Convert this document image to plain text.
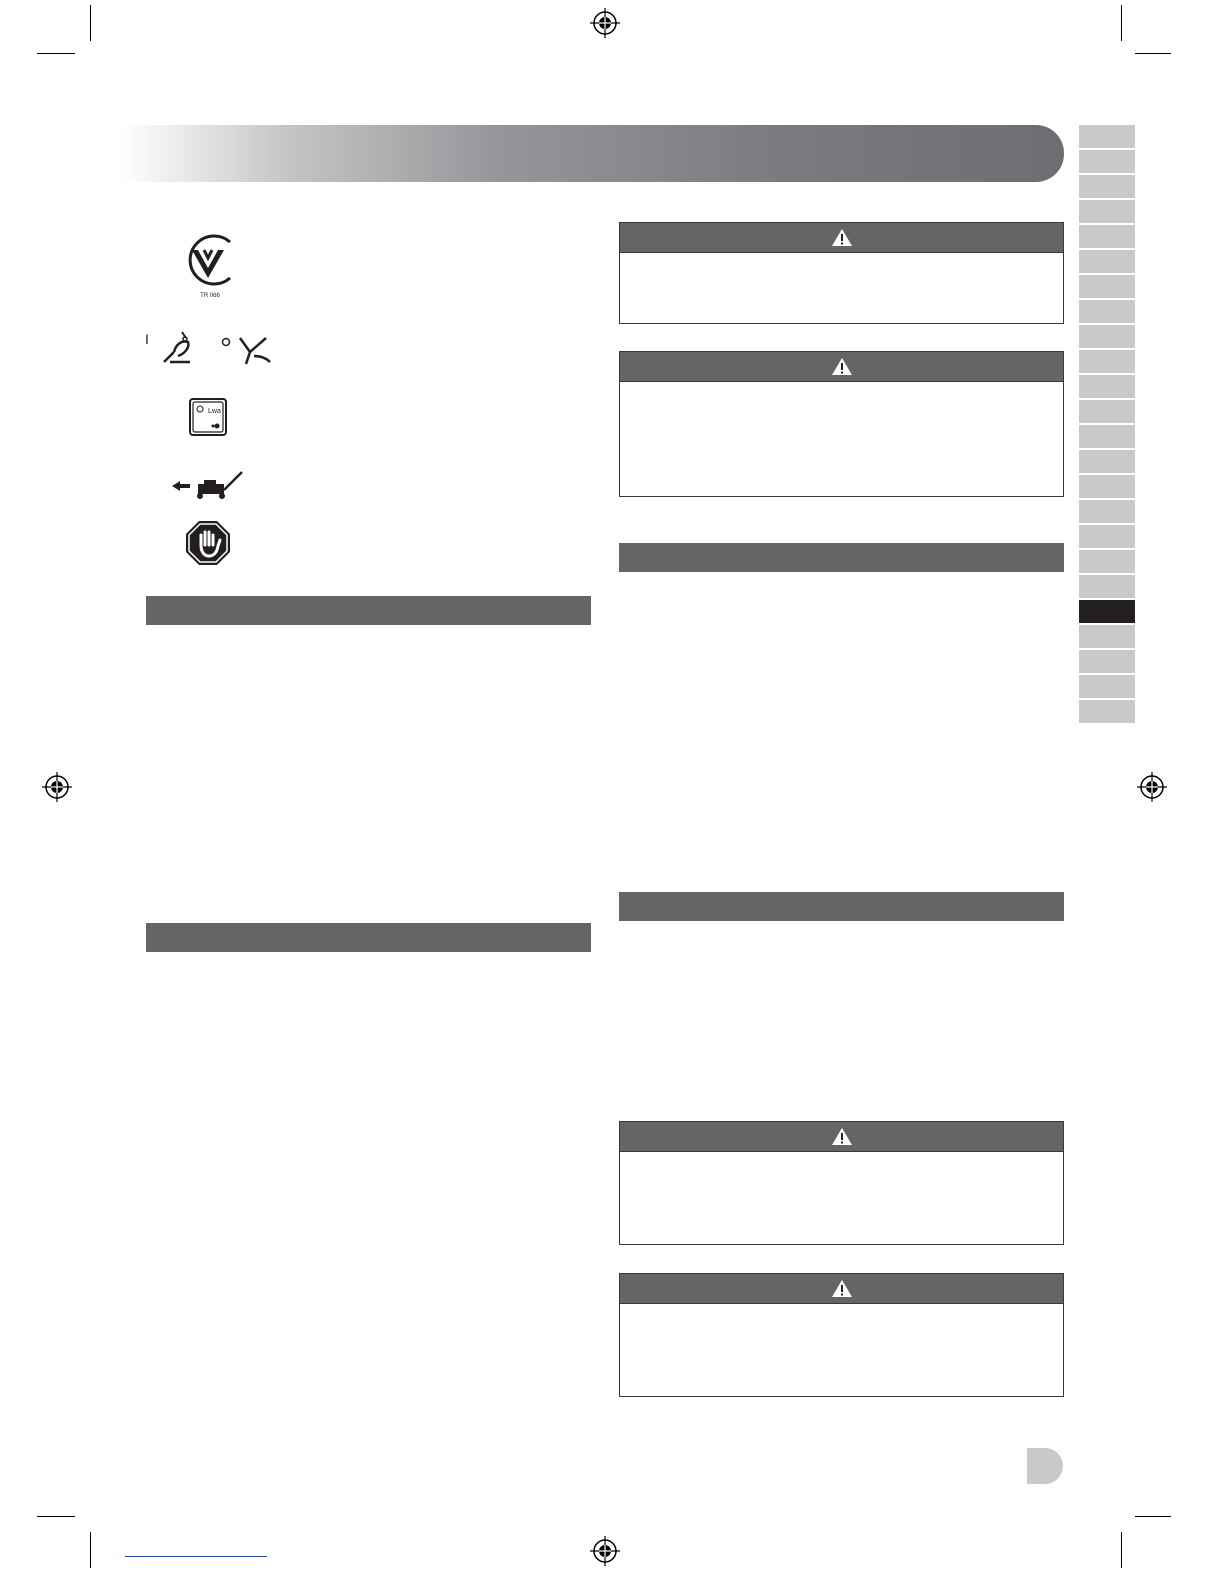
TR 066
I
Lwa
